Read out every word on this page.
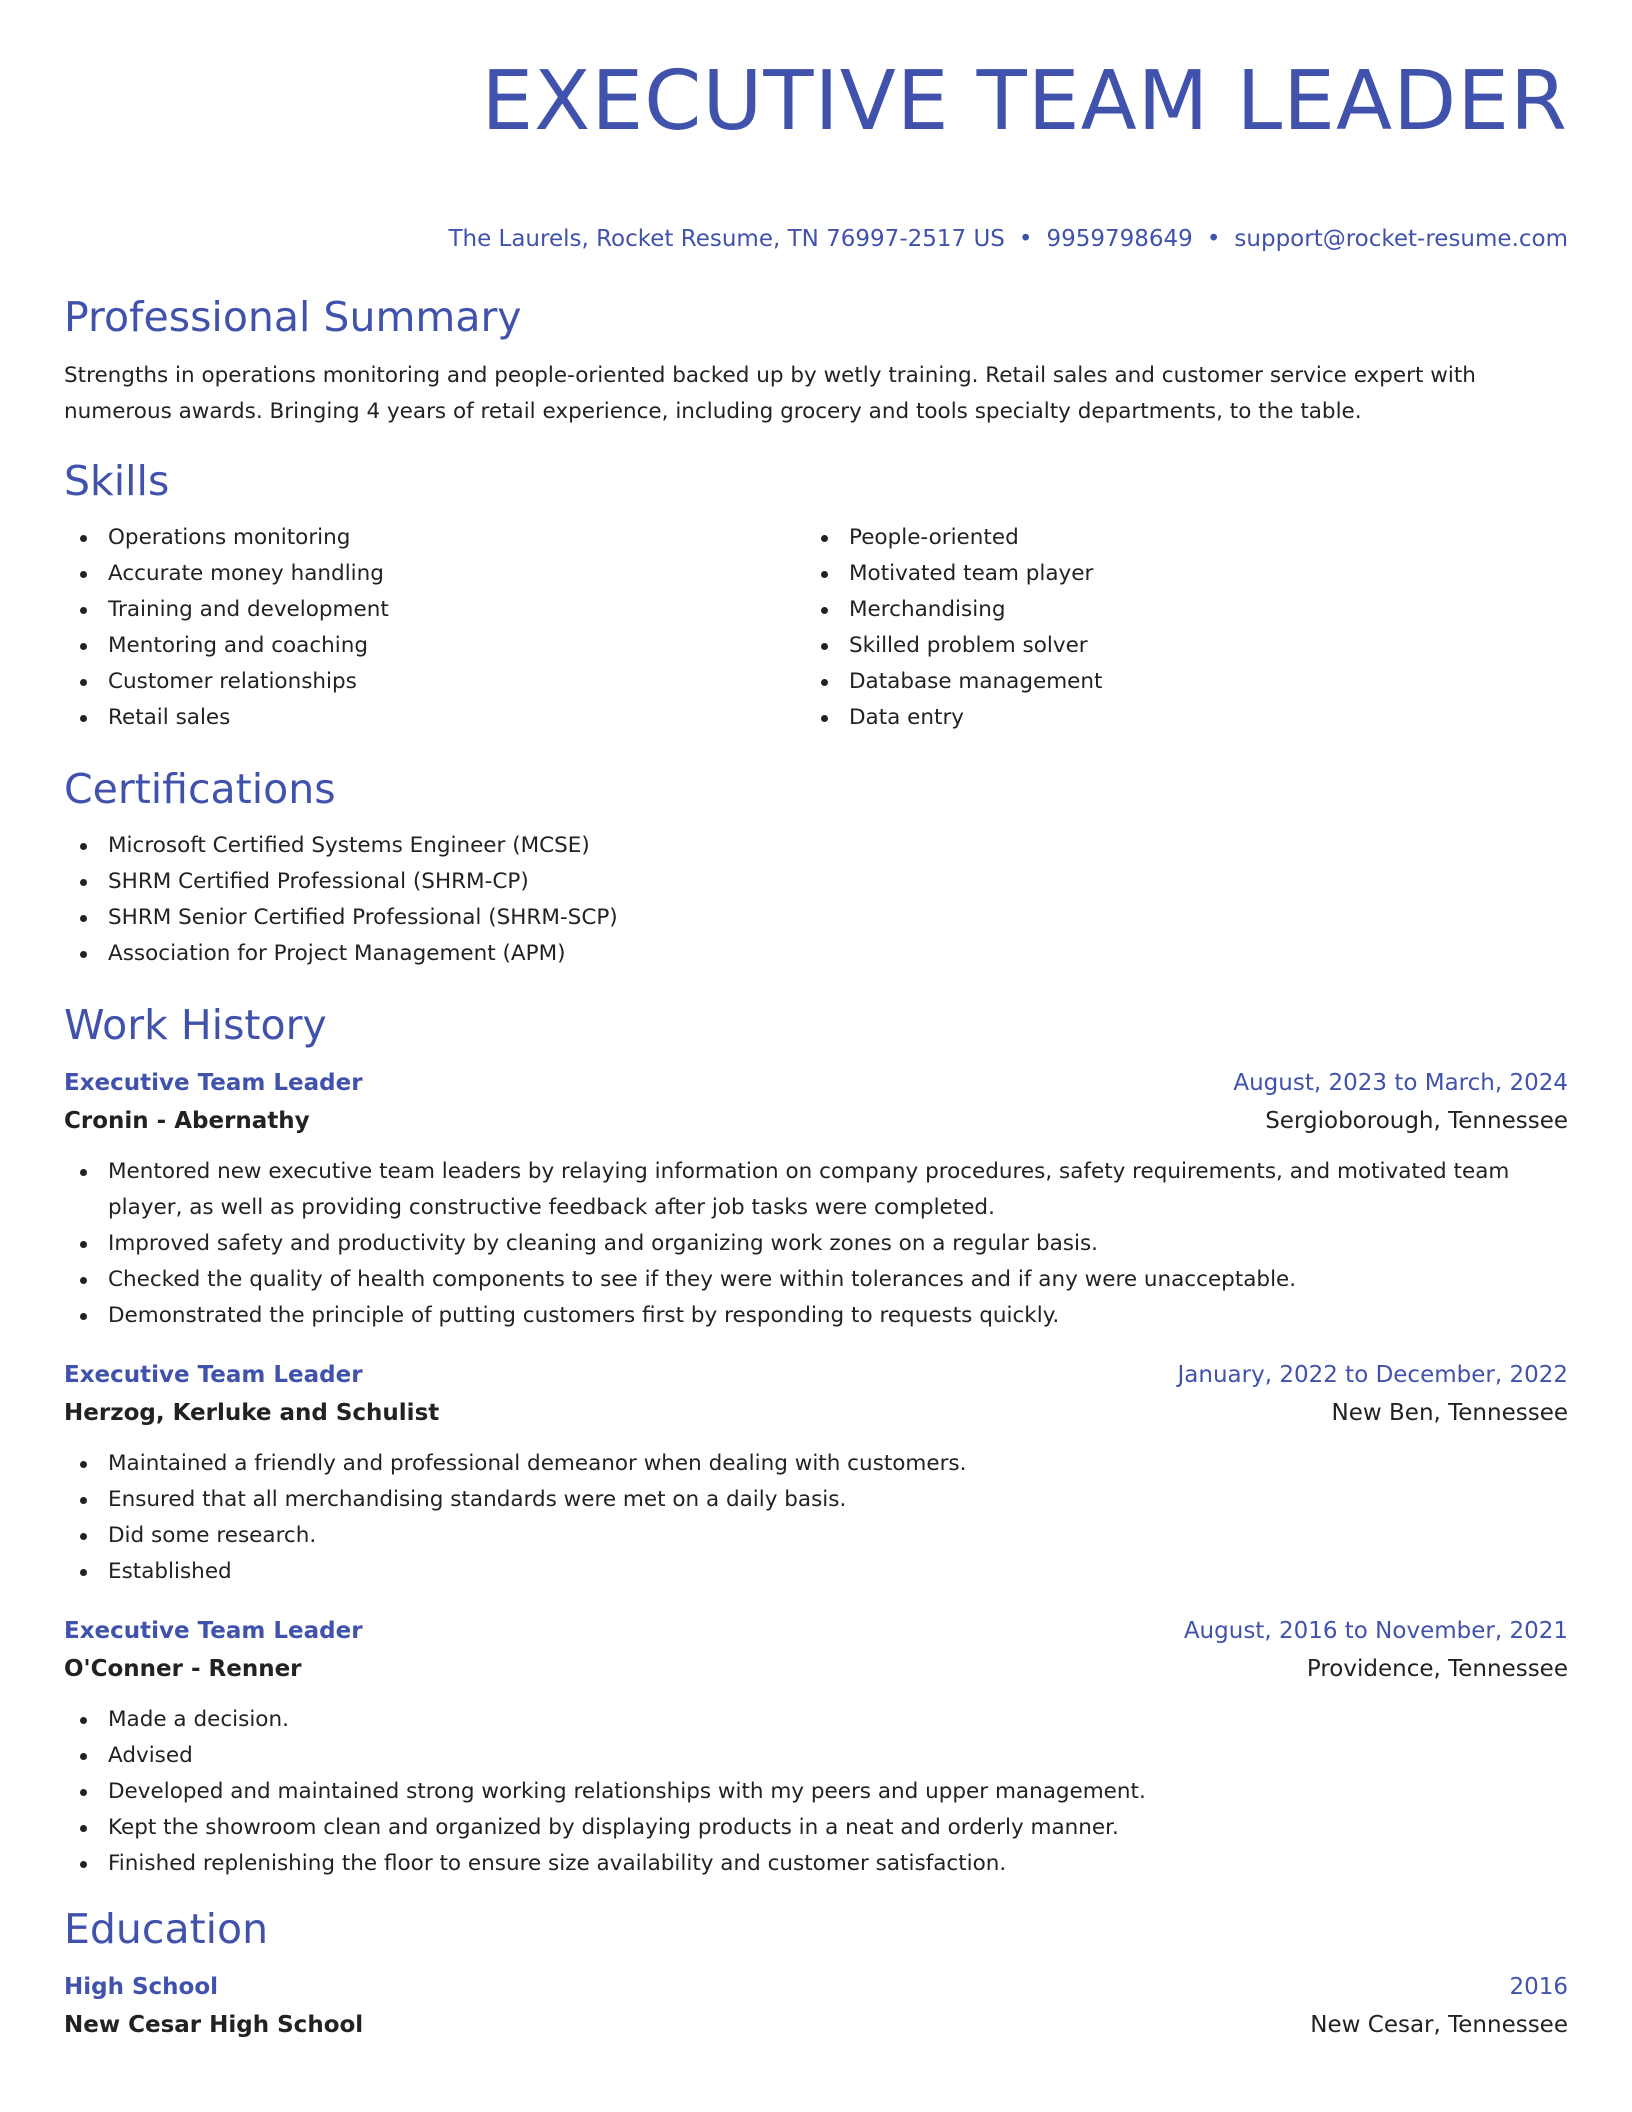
EXECUTIVE TEAM LEADER
The Laurels, Rocket Resume, TN 76997-2517 US • 9959798649 • support@rocket-resume.com
Professional Summary
Strengths in operations monitoring and people-oriented backed up by wetly training. Retail sales and customer service expert with numerous awards. Bringing 4 years of retail experience, including grocery and tools specialty departments, to the table.
Skills
Operations monitoring
Accurate money handling
Training and development
Mentoring and coaching
Customer relationships
Retail sales
People-oriented
Motivated team player
Merchandising
Skilled problem solver
Database management
Data entry
Certifications
Microsoft Certified Systems Engineer (MCSE)
SHRM Certified Professional (SHRM-CP)
SHRM Senior Certified Professional (SHRM-SCP)
Association for Project Management (APM)
Work History
Executive Team Leader	August, 2023 to March, 2024
Cronin - Abernathy	Sergioborough, Tennessee
Mentored new executive team leaders by relaying information on company procedures, safety requirements, and motivated team player, as well as providing constructive feedback after job tasks were completed.
Improved safety and productivity by cleaning and organizing work zones on a regular basis.
Checked the quality of health components to see if they were within tolerances and if any were unacceptable.
Demonstrated the principle of putting customers first by responding to requests quickly.
Executive Team Leader	January, 2022 to December, 2022
Herzog, Kerluke and Schulist	New Ben, Tennessee
Maintained a friendly and professional demeanor when dealing with customers.
Ensured that all merchandising standards were met on a daily basis.
Did some research.
Established
Executive Team Leader	August, 2016 to November, 2021
O'Conner - Renner	Providence, Tennessee
Made a decision.
Advised
Developed and maintained strong working relationships with my peers and upper management.
Kept the showroom clean and organized by displaying products in a neat and orderly manner.
Finished replenishing the floor to ensure size availability and customer satisfaction.
Education
High School	2016
New Cesar High School	New Cesar, Tennessee
